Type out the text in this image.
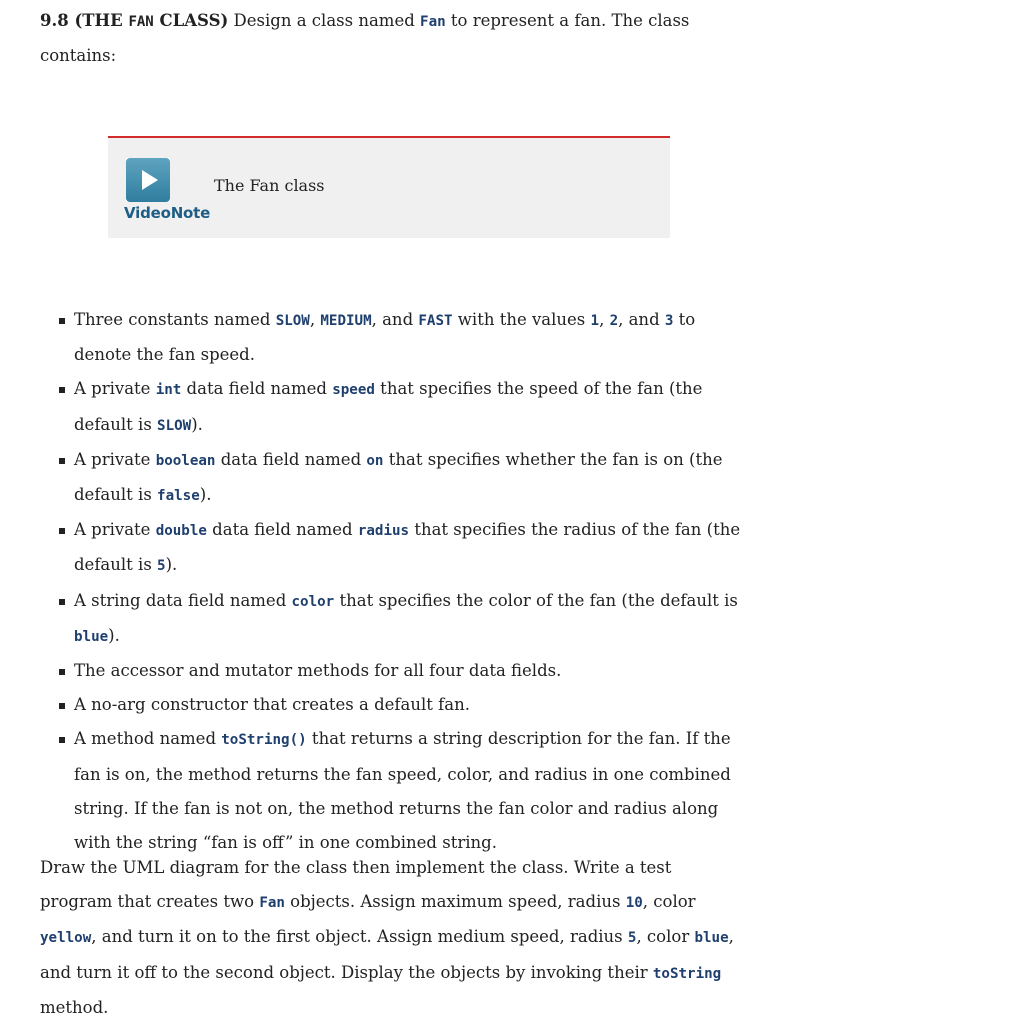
9.8 (THE FAN CLASS) Design a class named Fan to represent a fan. The class contains:
VideoNote
The Fan class
Three constants named SLOW, MEDIUM, and FAST with the values 1, 2, and 3 to denote the fan speed.
A private int data field named speed that specifies the speed of the fan (the default is SLOW).
A private boolean data field named on that specifies whether the fan is on (the default is false).
A private double data field named radius that specifies the radius of the fan (the default is 5).
A string data field named color that specifies the color of the fan (the default is blue).
The accessor and mutator methods for all four data fields.
A no-arg constructor that creates a default fan.
A method named toString() that returns a string description for the fan. If the fan is on, the method returns the fan speed, color, and radius in one combined string. If the fan is not on, the method returns the fan color and radius along with the string “fan is off” in one combined string.
Draw the UML diagram for the class then implement the class. Write a test program that creates two Fan objects. Assign maximum speed, radius 10, color yellow, and turn it on to the first object. Assign medium speed, radius 5, color blue, and turn it off to the second object. Display the objects by invoking their toString method.
